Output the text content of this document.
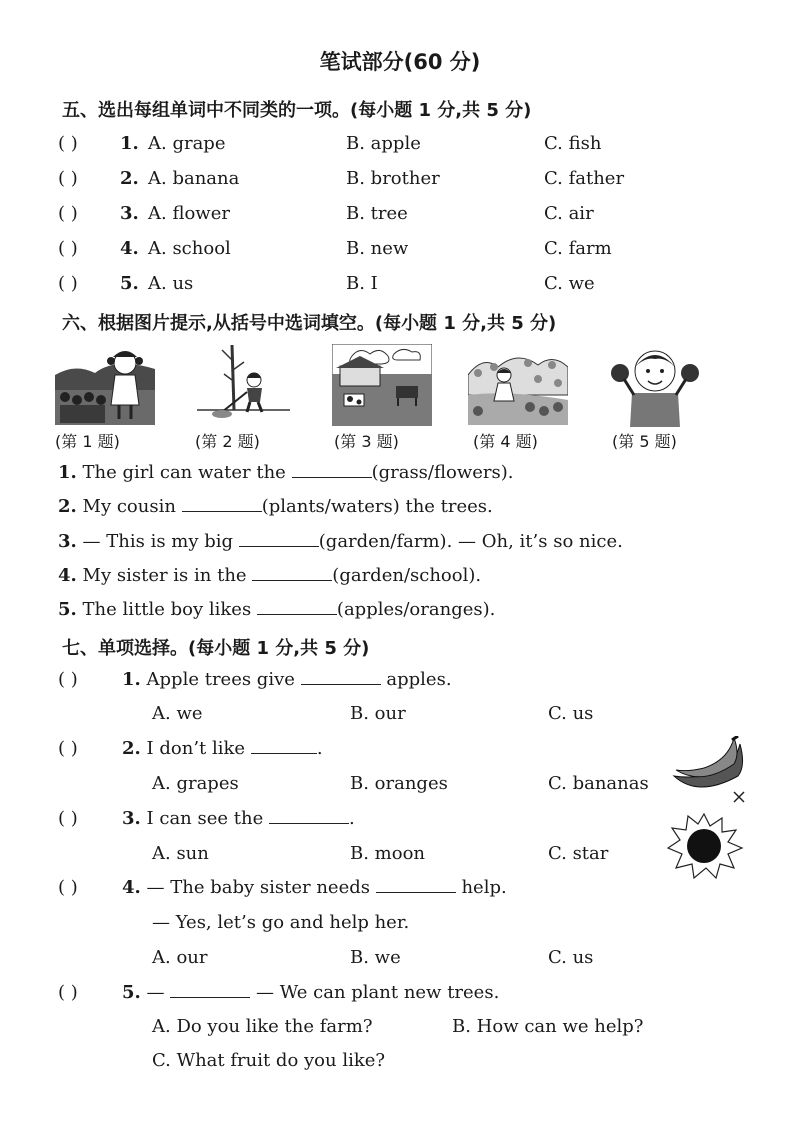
笔试部分(60 分)
五、选出每组单词中不同类的一项。(每小题 1 分,共 5 分)
( ) 1. A. grape	B. apple	C. fish
( ) 2. A. banana	B. brother	C. father
( ) 3. A. flower	B. tree	C. air
( ) 4. A. school	B. new	C. farm
( ) 5. A. us	B. I	C. we
六、根据图片提示,从括号中选词填空。(每小题 1 分,共 5 分)
(第 1 题)	(第 2 题)	(第 3 题)	(第 4 题)	(第 5 题)
1. The girl can water the	(grass/flowers).
2. My cousin	(plants/waters) the trees.
3. — This is my big	(garden/farm). — Oh, it’s so nice.
4. My sister is in the	(garden/school).
5. The little boy likes	(apples/oranges).
七、单项选择。(每小题 1 分,共 5 分)
( ) 1. Apple trees give	apples.
A. we	B. our	C. us
( ) 2. I don’t like	.
A. grapes	B. oranges	C. bananas
( ) 3. I can see the	.
A. sun	B. moon	C. star
( ) 4. — The baby sister needs	help.
— Yes, let’s go and help her.
A. our	B. we	C. us
( ) 5. —	— We can plant new trees.
A. Do you like the farm?	B. How can we help?
C. What fruit do you like?
